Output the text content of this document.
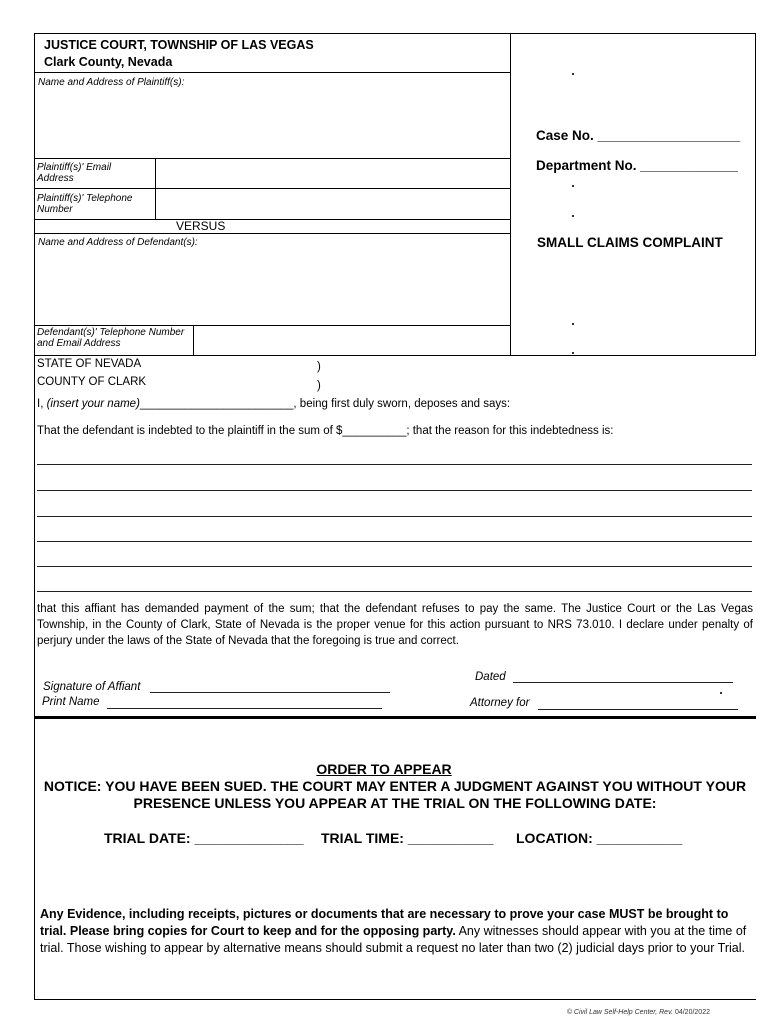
JUSTICE COURT, TOWNSHIP OF LAS VEGAS
Clark County, Nevada
Name and Address of Plaintiff(s):
Plaintiff(s)' Email Address
Plaintiff(s)' Telephone Number
VERSUS
Name and Address of Defendant(s):
Defendant(s)' Telephone Number and Email Address
Case No. ___________________
Department No. _____________
SMALL CLAIMS COMPLAINT
STATE OF NEVADA	)
COUNTY OF CLARK	)
I, (insert your name)________________________, being first duly sworn, deposes and says:
That the defendant is indebted to the plaintiff in the sum of $__________; that the reason for this indebtedness is:
that this affiant has demanded payment of the sum; that the defendant refuses to pay the same. The Justice Court or the Las Vegas Township, in the County of Clark, State of Nevada is the proper venue for this action pursuant to NRS 73.010. I declare under penalty of perjury under the laws of the State of Nevada that the foregoing is true and correct.
Dated
Signature of Affiant
Print Name	Attorney for
ORDER TO APPEAR
NOTICE: YOU HAVE BEEN SUED. THE COURT MAY ENTER A JUDGMENT AGAINST YOU WITHOUT YOUR PRESENCE UNLESS YOU APPEAR AT THE TRIAL ON THE FOLLOWING DATE:
TRIAL DATE: ______________ TRIAL TIME: ___________ LOCATION: ___________
Any Evidence, including receipts, pictures or documents that are necessary to prove your case MUST be brought to trial. Please bring copies for Court to keep and for the opposing party. Any witnesses should appear with you at the time of trial. Those wishing to appear by alternative means should submit a request no later than two (2) judicial days prior to your Trial.
© Civil Law Self-Help Center, Rev. 04/20/2022
